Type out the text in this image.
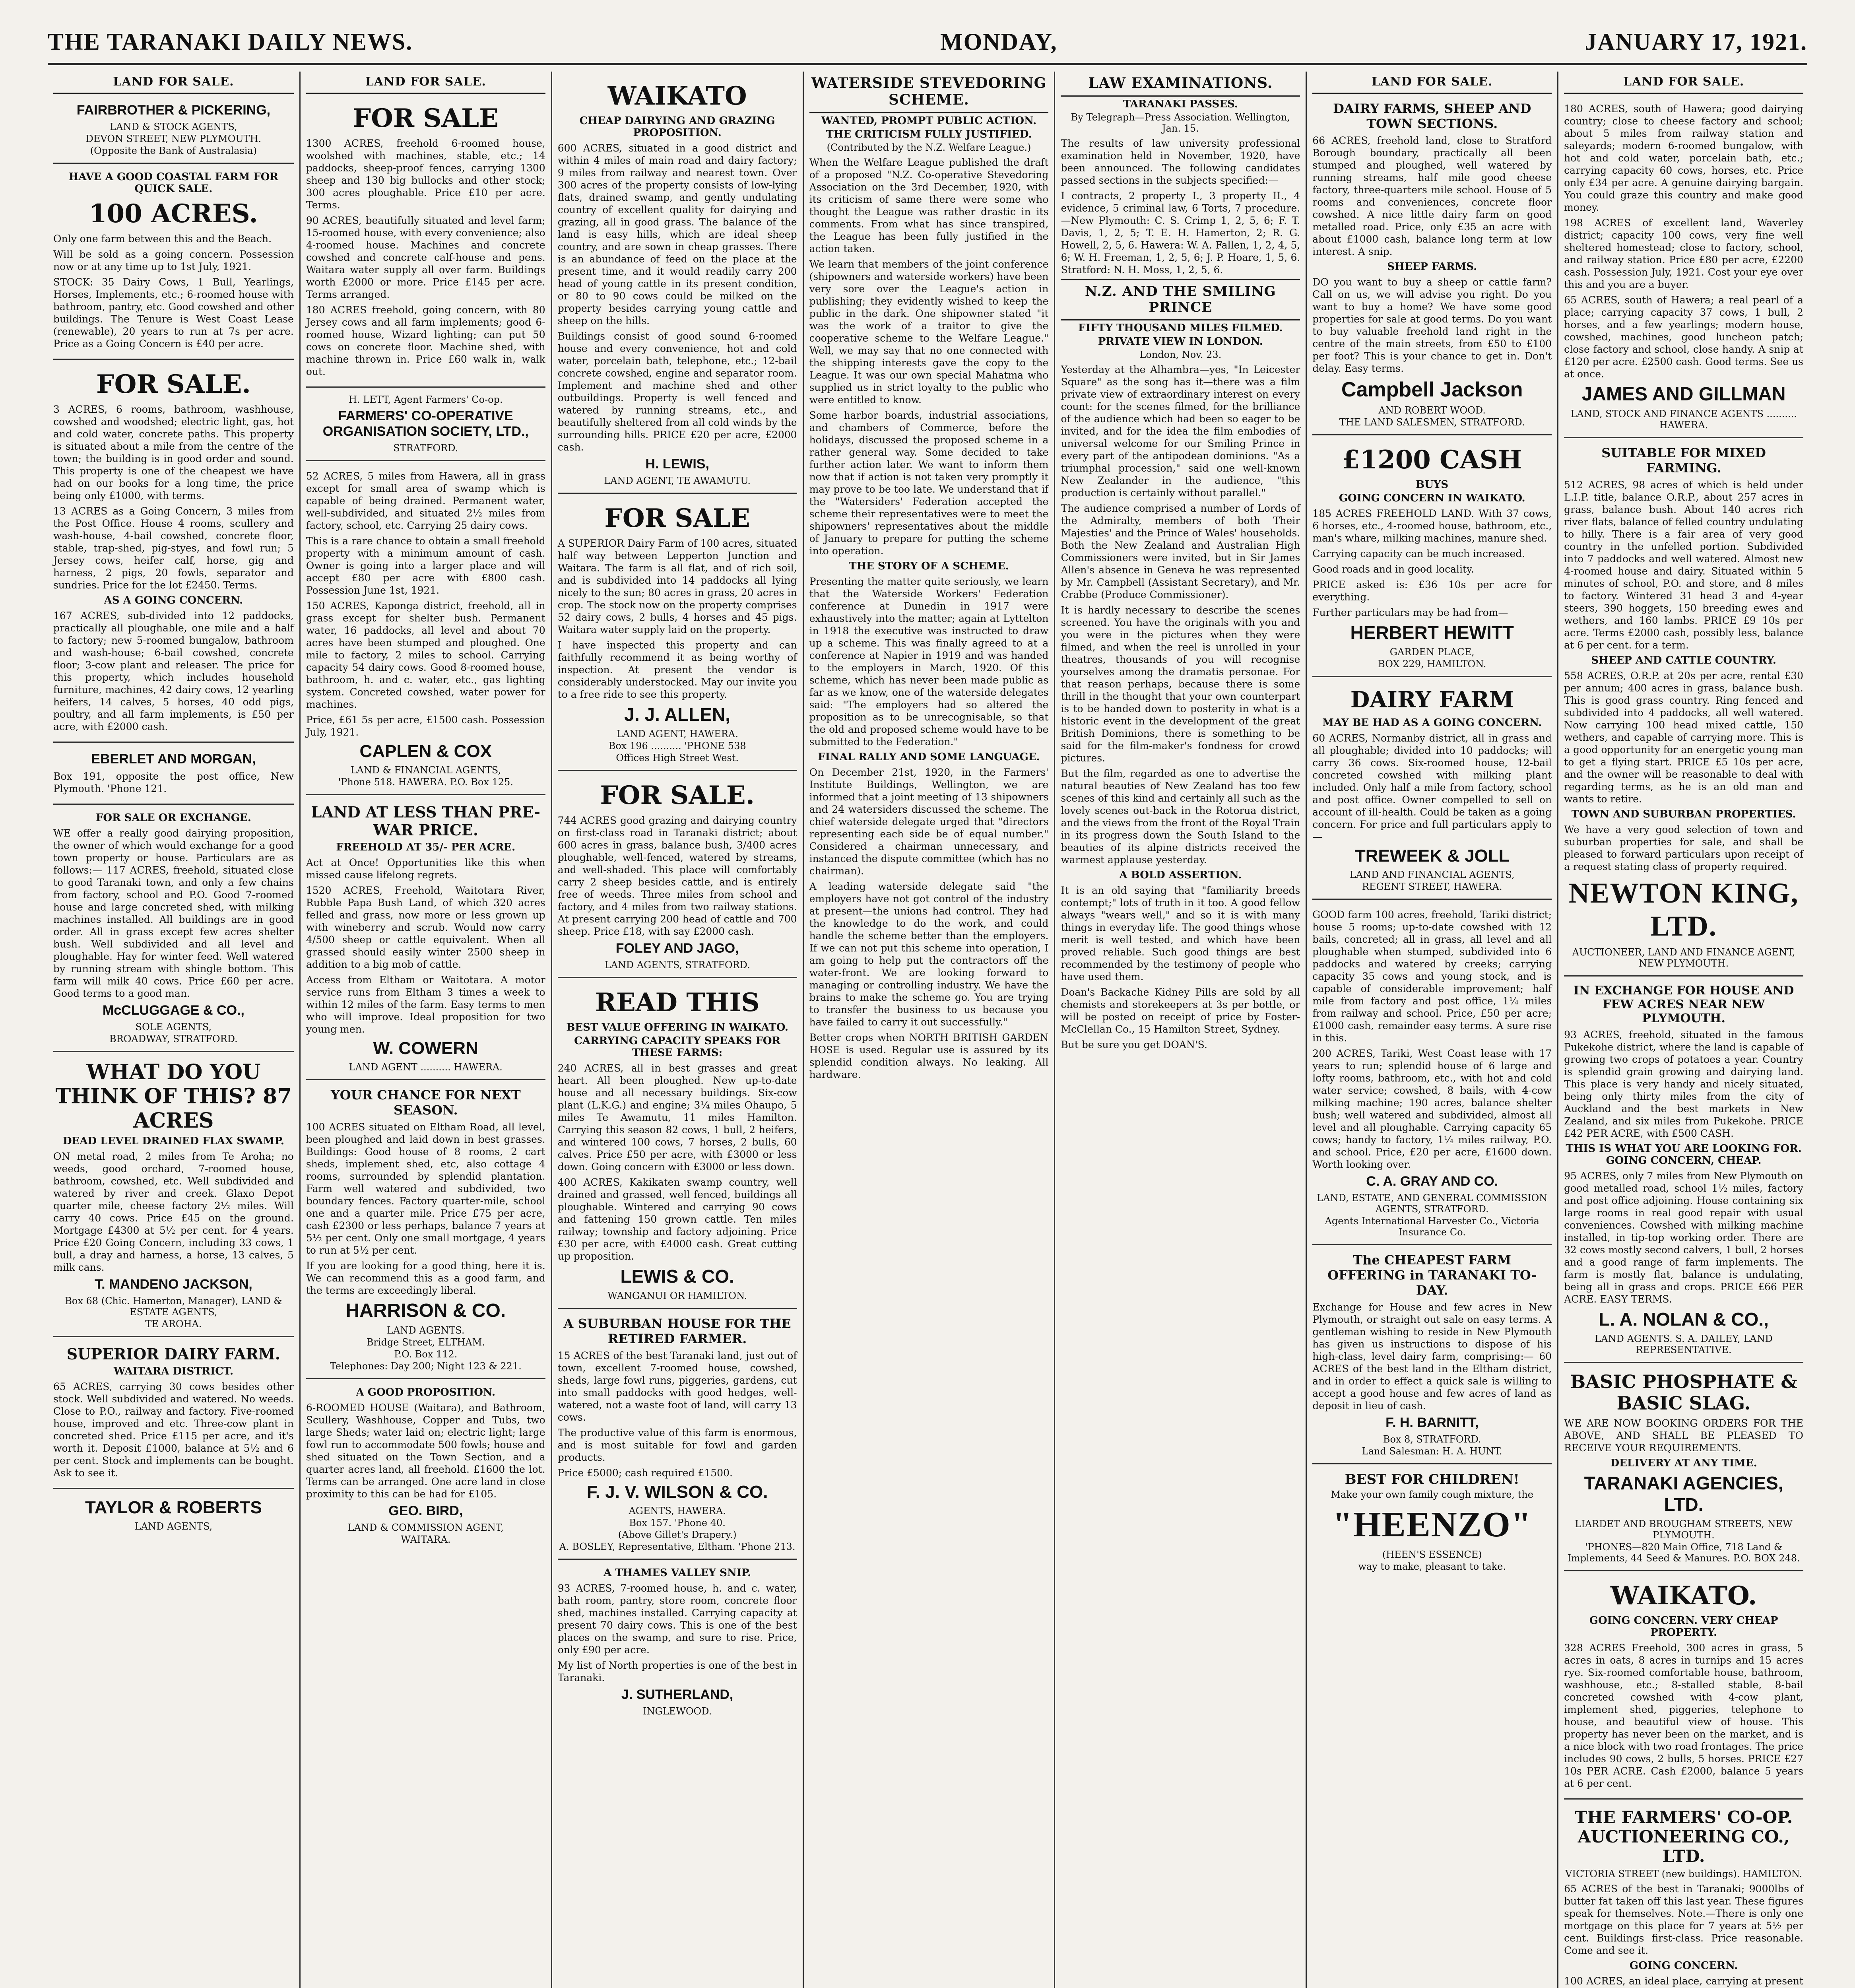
THE TARANAKI DAILY NEWS.	MONDAY,	JANUARY 17, 1921.
LAND FOR SALE.
FAIRBROTHER & PICKERING,
LAND & STOCK AGENTS,
DEVON STREET, NEW PLYMOUTH.
(Opposite the Bank of Australasia)
HAVE A GOOD COASTAL FARM FOR QUICK SALE.
100 ACRES.

Only one farm between this and the Beach.

Will be sold as a going concern. Possession now or at any time up to 1st July, 1921.

STOCK: 35 Dairy Cows, 1 Bull, Yearlings, Horses, Implements, etc.; 6-roomed house with bathroom, pantry, etc. Good cowshed and other buildings. The Tenure is West Coast Lease (renewable), 20 years to run at 7s per acre. Price as a Going Concern is £40 per acre.

FOR SALE.

3 ACRES, 6 rooms, bathroom, washhouse, cowshed and woodshed; electric light, gas, hot and cold water, concrete paths. This property is situated about a mile from the centre of the town; the building is in good order and sound. This property is one of the cheapest we have had on our books for a long time, the price being only £1000, with terms.

13 ACRES as a Going Concern, 3 miles from the Post Office. House 4 rooms, scullery and wash-house, 4-bail cowshed, concrete floor, stable, trap-shed, pig-styes, and fowl run; 5 Jersey cows, heifer calf, horse, gig and harness, 2 pigs, 20 fowls, separator and sundries. Price for the lot £2450. Terms.

AS A GOING CONCERN.

167 ACRES, sub-divided into 12 paddocks, practically all ploughable, one mile and a half to factory; new 5-roomed bungalow, bathroom and wash-house; 6-bail cowshed, concrete floor; 3-cow plant and releaser. The price for this property, which includes household furniture, machines, 42 dairy cows, 12 yearling heifers, 14 calves, 5 horses, 40 odd pigs, poultry, and all farm implements, is £50 per acre, with £2000 cash.

EBERLET AND MORGAN,

Box 191, opposite the post office, New Plymouth. 'Phone 121.

FOR SALE OR EXCHANGE.

WE offer a really good dairying proposition, the owner of which would exchange for a good town property or house. Particulars are as follows:— 117 ACRES, freehold, situated close to good Taranaki town, and only a few chains from factory, school and P.O. Good 7-roomed house and large concreted shed, with milking machines installed. All buildings are in good order. All in grass except few acres shelter bush. Well subdivided and all level and ploughable. Hay for winter feed. Well watered by running stream with shingle bottom. This farm will milk 40 cows. Price £60 per acre. Good terms to a good man.

McCLUGGAGE & CO.,
SOLE AGENTS,
BROADWAY, STRATFORD.
WHAT DO YOU THINK OF THIS? 87 ACRES
DEAD LEVEL DRAINED FLAX SWAMP.

ON metal road, 2 miles from Te Aroha; no weeds, good orchard, 7-roomed house, bathroom, cowshed, etc. Well subdivided and watered by river and creek. Glaxo Depot quarter mile, cheese factory 2½ miles. Will carry 40 cows. Price £45 on the ground. Mortgage £4300 at 5½ per cent. for 4 years. Price £20 Going Concern, including 33 cows, 1 bull, a dray and harness, a horse, 13 calves, 5 milk cans.

T. MANDENO JACKSON,
Box 68 (Chic. Hamerton, Manager), LAND & ESTATE AGENTS,
TE AROHA.
SUPERIOR DAIRY FARM.
WAITARA DISTRICT.

65 ACRES, carrying 30 cows besides other stock. Well subdivided and watered. No weeds. Close to P.O., railway and factory. Five-roomed house, improved and etc. Three-cow plant in concreted shed. Price £115 per acre, and it's worth it. Deposit £1000, balance at 5½ and 6 per cent. Stock and implements can be bought. Ask to see it.

TAYLOR & ROBERTS
LAND AGENTS,
LAND FOR SALE.
FOR SALE

1300 ACRES, freehold 6-roomed house, woolshed with machines, stable, etc.; 14 paddocks, sheep-proof fences, carrying 1300 sheep and 130 big bullocks and other stock; 300 acres ploughable. Price £10 per acre. Terms.

90 ACRES, beautifully situated and level farm; 15-roomed house, with every convenience; also 4-roomed house. Machines and concrete cowshed and concrete calf-house and pens. Waitara water supply all over farm. Buildings worth £2000 or more. Price £145 per acre. Terms arranged.

180 ACRES freehold, going concern, with 80 Jersey cows and all farm implements; good 6-roomed house, Wizard lighting; can put 50 cows on concrete floor. Machine shed, with machine thrown in. Price £60 walk in, walk out.

H. LETT, Agent Farmers' Co-op.
FARMERS' CO-OPERATIVE ORGANISATION SOCIETY, LTD.,
STRATFORD.

52 ACRES, 5 miles from Hawera, all in grass except for small area of swamp which is capable of being drained. Permanent water, well-subdivided, and situated 2½ miles from factory, school, etc. Carrying 25 dairy cows.

This is a rare chance to obtain a small freehold property with a minimum amount of cash. Owner is going into a larger place and will accept £80 per acre with £800 cash. Possession June 1st, 1921.

150 ACRES, Kaponga district, freehold, all in grass except for shelter bush. Permanent water, 16 paddocks, all level and about 70 acres have been stumped and ploughed. One mile to factory, 2 miles to school. Carrying capacity 54 dairy cows. Good 8-roomed house, bathroom, h. and c. water, etc., gas lighting system. Concreted cowshed, water power for machines.

Price, £61 5s per acre, £1500 cash. Possession July, 1921.

CAPLEN & COX
LAND & FINANCIAL AGENTS,
'Phone 518. HAWERA. P.O. Box 125.
LAND AT LESS THAN PRE-WAR PRICE.
FREEHOLD AT 35/- PER ACRE.

Act at Once! Opportunities like this when missed cause lifelong regrets.

1520 ACRES, Freehold, Waitotara River, Rubble Papa Bush Land, of which 320 acres felled and grass, now more or less grown up with wineberry and scrub. Would now carry 4/500 sheep or cattle equivalent. When all grassed should easily winter 2500 sheep in addition to a big mob of cattle.

Access from Eltham or Waitotara. A motor service runs from Eltham 3 times a week to within 12 miles of the farm. Easy terms to men who will improve. Ideal proposition for two young men.

W. COWERN
LAND AGENT .......... HAWERA.
YOUR CHANCE FOR NEXT SEASON.

100 ACRES situated on Eltham Road, all level, been ploughed and laid down in best grasses. Buildings: Good house of 8 rooms, 2 cart sheds, implement shed, etc, also cottage 4 rooms, surrounded by splendid plantation. Farm well watered and subdivided, two boundary fences. Factory quarter-mile, school one and a quarter mile. Price £75 per acre, cash £2300 or less perhaps, balance 7 years at 5½ per cent. Only one small mortgage, 4 years to run at 5½ per cent.

If you are looking for a good thing, here it is. We can recommend this as a good farm, and the terms are exceedingly liberal.

HARRISON & CO.
LAND AGENTS.
Bridge Street, ELTHAM.
P.O. Box 112.
Telephones: Day 200; Night 123 & 221.
A GOOD PROPOSITION.

6-ROOMED HOUSE (Waitara), and Bathroom, Scullery, Washhouse, Copper and Tubs, two large Sheds; water laid on; electric light; large fowl run to accommodate 500 fowls; house and shed situated on the Town Section, and a quarter acres land, all freehold. £1600 the lot. Terms can be arranged. One acre land in close proximity to this can be had for £105.

GEO. BIRD,
LAND & COMMISSION AGENT,
WAITARA.
WAIKATO
CHEAP DAIRYING AND GRAZING PROPOSITION.

600 ACRES, situated in a good district and within 4 miles of main road and dairy factory; 9 miles from railway and nearest town. Over 300 acres of the property consists of low-lying flats, drained swamp, and gently undulating country of excellent quality for dairying and grazing, all in good grass. The balance of the land is easy hills, which are ideal sheep country, and are sown in cheap grasses. There is an abundance of feed on the place at the present time, and it would readily carry 200 head of young cattle in its present condition, or 80 to 90 cows could be milked on the property besides carrying young cattle and sheep on the hills.

Buildings consist of good sound 6-roomed house and every convenience, hot and cold water, porcelain bath, telephone, etc.; 12-bail concrete cowshed, engine and separator room. Implement and machine shed and other outbuildings. Property is well fenced and watered by running streams, etc., and beautifully sheltered from all cold winds by the surrounding hills. PRICE £20 per acre, £2000 cash.

H. LEWIS,
LAND AGENT, TE AWAMUTU.
FOR SALE

A SUPERIOR Dairy Farm of 100 acres, situated half way between Lepperton Junction and Waitara. The farm is all flat, and of rich soil, and is subdivided into 14 paddocks all lying nicely to the sun; 80 acres in grass, 20 acres in crop. The stock now on the property comprises 52 dairy cows, 2 bulls, 4 horses and 45 pigs. Waitara water supply laid on the property.

I have inspected this property and can faithfully recommend it as being worthy of inspection. At present the vendor is considerably understocked. May our invite you to a free ride to see this property.

J. J. ALLEN,
LAND AGENT, HAWERA.
Box 196 .......... 'PHONE 538
Offices High Street West.
FOR SALE.

744 ACRES good grazing and dairying country on first-class road in Taranaki district; about 600 acres in grass, balance bush, 3/400 acres ploughable, well-fenced, watered by streams, and well-shaded. This place will comfortably carry 2 sheep besides cattle, and is entirely free of weeds. Three miles from school and factory, and 4 miles from two railway stations. At present carrying 200 head of cattle and 700 sheep. Price £18, with say £2000 cash.

FOLEY AND JAGO,
LAND AGENTS, STRATFORD.
READ THIS
BEST VALUE OFFERING IN WAIKATO.
CARRYING CAPACITY SPEAKS FOR THESE FARMS:

240 ACRES, all in best grasses and great heart. All been ploughed. New up-to-date house and all necessary buildings. Six-cow plant (L.K.G.) and engine; 3¼ miles Ohaupo, 5 miles Te Awamutu, 11 miles Hamilton. Carrying this season 82 cows, 1 bull, 2 heifers, and wintered 100 cows, 7 horses, 2 bulls, 60 calves. Price £50 per acre, with £3000 or less down. Going concern with £3000 or less down.

400 ACRES, Kakikaten swamp country, well drained and grassed, well fenced, buildings all ploughable. Wintered and carrying 90 cows and fattening 150 grown cattle. Ten miles railway; township and factory adjoining. Price £30 per acre, with £4000 cash. Great cutting up proposition.

LEWIS & CO.
WANGANUI OR HAMILTON.
A SUBURBAN HOUSE FOR THE RETIRED FARMER.

15 ACRES of the best Taranaki land, just out of town, excellent 7-roomed house, cowshed, sheds, large fowl runs, piggeries, gardens, cut into small paddocks with good hedges, well-watered, not a waste foot of land, will carry 13 cows.

The productive value of this farm is enormous, and is most suitable for fowl and garden products.

Price £5000; cash required £1500.

F. J. V. WILSON & CO.
AGENTS, HAWERA.
Box 157. 'Phone 40.
(Above Gillet's Drapery.)
A. BOSLEY, Representative, Eltham. 'Phone 213.
A THAMES VALLEY SNIP.

93 ACRES, 7-roomed house, h. and c. water, bath room, pantry, store room, concrete floor shed, machines installed. Carrying capacity at present 70 dairy cows. This is one of the best places on the swamp, and sure to rise. Price, only £90 per acre.

My list of North properties is one of the best in Taranaki.

J. SUTHERLAND,
INGLEWOOD.
WATERSIDE STEVEDORING SCHEME.
WANTED, PROMPT PUBLIC ACTION.
THE CRITICISM FULLY JUSTIFIED.
(Contributed by the N.Z. Welfare League.)

When the Welfare League published the draft of a proposed "N.Z. Co-operative Stevedoring Association on the 3rd December, 1920, with its criticism of same there were some who thought the League was rather drastic in its comments. From what has since transpired, the League has been fully justified in the action taken.

We learn that members of the joint conference (shipowners and waterside workers) have been very sore over the League's action in publishing; they evidently wished to keep the public in the dark. One shipowner stated "it was the work of a traitor to give the cooperative scheme to the Welfare League." Well, we may say that no one connected with the shipping interests gave the copy to the League. It was our own special Mahatma who supplied us in strict loyalty to the public who were entitled to know.

Some harbor boards, industrial associations, and chambers of Commerce, before the holidays, discussed the proposed scheme in a rather general way. Some decided to take further action later. We want to inform them now that if action is not taken very promptly it may prove to be too late. We understand that if the "Watersiders' Federation accepted the scheme their representatives were to meet the shipowners' representatives about the middle of January to prepare for putting the scheme into operation.

THE STORY OF A SCHEME.

Presenting the matter quite seriously, we learn that the Waterside Workers' Federation conference at Dunedin in 1917 were exhaustively into the matter; again at Lyttelton in 1918 the executive was instructed to draw up a scheme. This was finally agreed to at a conference at Napier in 1919 and was handed to the employers in March, 1920. Of this scheme, which has never been made public as far as we know, one of the waterside delegates said: "The employers had so altered the proposition as to be unrecognisable, so that the old and proposed scheme would have to be submitted to the Federation."

FINAL RALLY AND SOME LANGUAGE.

On December 21st, 1920, in the Farmers' Institute Buildings, Wellington, we are informed that a joint meeting of 13 shipowners and 24 watersiders discussed the scheme. The chief waterside delegate urged that "directors representing each side be of equal number." Considered a chairman unnecessary, and instanced the dispute committee (which has no chairman).

A leading waterside delegate said "the employers have not got control of the industry at present—the unions had control. They had the knowledge to do the work, and could handle the scheme better than the employers. If we can not put this scheme into operation, I am going to help put the contractors off the water-front. We are looking forward to managing or controlling industry. We have the brains to make the scheme go. You are trying to transfer the business to us because you have failed to carry it out successfully."

Better crops when NORTH BRITISH GARDEN HOSE is used. Regular use is assured by its splendid condition always. No leaking. All hardware.

LAW EXAMINATIONS.
TARANAKI PASSES.
By Telegraph—Press Association. Wellington, Jan. 15.

The results of law university professional examination held in November, 1920, have been announced. The following candidates passed sections in the subjects specified:—

I contracts, 2 property I., 3 property II., 4 evidence, 5 criminal law, 6 Torts, 7 procedure.—New Plymouth: C. S. Crimp 1, 2, 5, 6; F. T. Davis, 1, 2, 5; T. E. H. Hamerton, 2; R. G. Howell, 2, 5, 6. Hawera: W. A. Fallen, 1, 2, 4, 5, 6; W. H. Freeman, 1, 2, 5, 6; J. P. Hoare, 1, 5, 6. Stratford: N. H. Moss, 1, 2, 5, 6.

N.Z. AND THE SMILING PRINCE
FIFTY THOUSAND MILES FILMED.
PRIVATE VIEW IN LONDON.
London, Nov. 23.

Yesterday at the Alhambra—yes, "In Leicester Square" as the song has it—there was a film private view of extraordinary interest on every count: for the scenes filmed, for the brilliance of the audience which had been so eager to be invited, and for the idea the film embodies of universal welcome for our Smiling Prince in every part of the antipodean dominions. "As a triumphal procession," said one well-known New Zealander in the audience, "this production is certainly without parallel."

The audience comprised a number of Lords of the Admiralty, members of both Their Majesties' and the Prince of Wales' households. Both the New Zealand and Australian High Commissioners were invited, but in Sir James Allen's absence in Geneva he was represented by Mr. Campbell (Assistant Secretary), and Mr. Crabbe (Produce Commissioner).

It is hardly necessary to describe the scenes screened. You have the originals with you and you were in the pictures when they were filmed, and when the reel is unrolled in your theatres, thousands of you will recognise yourselves among the dramatis personae. For that reason perhaps, because there is some thrill in the thought that your own counterpart is to be handed down to posterity in what is a historic event in the development of the great British Dominions, there is something to be said for the film-maker's fondness for crowd pictures.

But the film, regarded as one to advertise the natural beauties of New Zealand has too few scenes of this kind and certainly all such as the lovely scenes out-back in the Rotorua district, and the views from the front of the Royal Train in its progress down the South Island to the beauties of its alpine districts received the warmest applause yesterday.

A BOLD ASSERTION.

It is an old saying that "familiarity breeds contempt;" lots of truth in it too. A good fellow always "wears well," and so it is with many things in everyday life. The good things whose merit is well tested, and which have been proved reliable. Such good things are best recommended by the testimony of people who have used them.

Doan's Backache Kidney Pills are sold by all chemists and storekeepers at 3s per bottle, or will be posted on receipt of price by Foster-McClellan Co., 15 Hamilton Street, Sydney.

But be sure you get DOAN'S.

LAND FOR SALE.
DAIRY FARMS, SHEEP AND TOWN SECTIONS.

66 ACRES, freehold land, close to Stratford Borough boundary, practically all been stumped and ploughed, well watered by running streams, half mile good cheese factory, three-quarters mile school. House of 5 rooms and conveniences, concrete floor cowshed. A nice little dairy farm on good metalled road. Price, only £35 an acre with about £1000 cash, balance long term at low interest. A snip.

SHEEP FARMS.

DO you want to buy a sheep or cattle farm? Call on us, we will advise you right. Do you want to buy a home? We have some good properties for sale at good terms. Do you want to buy valuable freehold land right in the centre of the main streets, from £50 to £100 per foot? This is your chance to get in. Don't delay. Easy terms.

Campbell Jackson
AND ROBERT WOOD.
THE LAND SALESMEN, STRATFORD.
£1200 CASH
BUYS
GOING CONCERN IN WAIKATO.

185 ACRES FREEHOLD LAND. With 37 cows, 6 horses, etc., 4-roomed house, bathroom, etc., man's whare, milking machines, manure shed.

Carrying capacity can be much increased.

Good roads and in good locality.

PRICE asked is: £36 10s per acre for everything.

Further particulars may be had from—

HERBERT HEWITT
GARDEN PLACE,
BOX 229, HAMILTON.
DAIRY FARM
MAY BE HAD AS A GOING CONCERN.

60 ACRES, Normanby district, all in grass and all ploughable; divided into 10 paddocks; will carry 36 cows. Six-roomed house, 12-bail concreted cowshed with milking plant included. Only half a mile from factory, school and post office. Owner compelled to sell on account of ill-health. Could be taken as a going concern. For price and full particulars apply to—

TREWEEK & JOLL
LAND AND FINANCIAL AGENTS,
REGENT STREET, HAWERA.

GOOD farm 100 acres, freehold, Tariki district; house 5 rooms; up-to-date cowshed with 12 bails, concreted; all in grass, all level and all ploughable when stumped, subdivided into 6 paddocks and watered by creeks; carrying capacity 35 cows and young stock, and is capable of considerable improvement; half mile from factory and post office, 1¼ miles from railway and school. Price, £50 per acre; £1000 cash, remainder easy terms. A sure rise in this.

200 ACRES, Tariki, West Coast lease with 17 years to run; splendid house of 6 large and lofty rooms, bathroom, etc., with hot and cold water service; cowshed, 8 bails, with 4-cow milking machine; 190 acres, balance shelter bush; well watered and subdivided, almost all level and all ploughable. Carrying capacity 65 cows; handy to factory, 1¼ miles railway, P.O. and school. Price, £20 per acre, £1600 down. Worth looking over.

C. A. GRAY AND CO.
LAND, ESTATE, AND GENERAL COMMISSION AGENTS, STRATFORD.
Agents International Harvester Co., Victoria Insurance Co.
The CHEAPEST FARM OFFERING in TARANAKI TO-DAY.

Exchange for House and few acres in New Plymouth, or straight out sale on easy terms. A gentleman wishing to reside in New Plymouth has given us instructions to dispose of his high-class, level dairy farm, comprising:— 60 ACRES of the best land in the Eltham district, and in order to effect a quick sale is willing to accept a good house and few acres of land as deposit in lieu of cash.

F. H. BARNITT,
Box 8, STRATFORD.
Land Salesman: H. A. HUNT.
BEST FOR CHILDREN!
Make your own family cough mixture, the
"HEENZO"
(HEEN'S ESSENCE)
way to make, pleasant to take.
LAND FOR SALE.

180 ACRES, south of Hawera; good dairying country; close to cheese factory and school; about 5 miles from railway station and saleyards; modern 6-roomed bungalow, with hot and cold water, porcelain bath, etc.; carrying capacity 60 cows, horses, etc. Price only £34 per acre. A genuine dairying bargain. You could graze this country and make good money.

198 ACRES of excellent land, Waverley district; capacity 100 cows, very fine well sheltered homestead; close to factory, school, and railway station. Price £80 per acre, £2200 cash. Possession July, 1921. Cost your eye over this and you are a buyer.

65 ACRES, south of Hawera; a real pearl of a place; carrying capacity 37 cows, 1 bull, 2 horses, and a few yearlings; modern house, cowshed, machines, good luncheon patch; close factory and school, close handy. A snip at £120 per acre. £2500 cash. Good terms. See us at once.

JAMES AND GILLMAN
LAND, STOCK AND FINANCE AGENTS .......... HAWERA.
SUITABLE FOR MIXED FARMING.

512 ACRES, 98 acres of which is held under L.I.P. title, balance O.R.P., about 257 acres in grass, balance bush. About 140 acres rich river flats, balance of felled country undulating to hilly. There is a fair area of very good country in the unfelled portion. Subdivided into 7 paddocks and well watered. Almost new 4-roomed house and dairy. Situated within 5 minutes of school, P.O. and store, and 8 miles to factory. Wintered 31 head 3 and 4-year steers, 390 hoggets, 150 breeding ewes and wethers, and 160 lambs. PRICE £9 10s per acre. Terms £2000 cash, possibly less, balance at 6 per cent. for a term.

SHEEP AND CATTLE COUNTRY.

558 ACRES, O.R.P. at 20s per acre, rental £30 per annum; 400 acres in grass, balance bush. This is good grass country. Ring fenced and subdivided into 4 paddocks, all well watered. Now carrying 100 head mixed cattle, 150 wethers, and capable of carrying more. This is a good opportunity for an energetic young man to get a flying start. PRICE £5 10s per acre, and the owner will be reasonable to deal with regarding terms, as he is an old man and wants to retire.

TOWN AND SUBURBAN PROPERTIES.

We have a very good selection of town and suburban properties for sale, and shall be pleased to forward particulars upon receipt of a request stating class of property required.

NEWTON KING, LTD.
AUCTIONEER, LAND AND FINANCE AGENT, NEW PLYMOUTH.
IN EXCHANGE FOR HOUSE AND FEW ACRES NEAR NEW PLYMOUTH.

93 ACRES, freehold, situated in the famous Pukekohe district, where the land is capable of growing two crops of potatoes a year. Country is splendid grain growing and dairying land. This place is very handy and nicely situated, being only thirty miles from the city of Auckland and the best markets in New Zealand, and six miles from Pukekohe. PRICE £42 PER ACRE, with £500 CASH.

THIS IS WHAT YOU ARE LOOKING FOR. GOING CONCERN, CHEAP.

95 ACRES, only 7 miles from New Plymouth on good metalled road, school 1½ miles, factory and post office adjoining. House containing six large rooms in real good repair with usual conveniences. Cowshed with milking machine installed, in tip-top working order. There are 32 cows mostly second calvers, 1 bull, 2 horses and a good range of farm implements. The farm is mostly flat, balance is undulating, being all in grass and crops. PRICE £66 PER ACRE. EASY TERMS.

L. A. NOLAN & CO.,
LAND AGENTS. S. A. DAILEY, LAND REPRESENTATIVE.
BASIC PHOSPHATE & BASIC SLAG.

WE ARE NOW BOOKING ORDERS FOR THE ABOVE, AND SHALL BE PLEASED TO RECEIVE YOUR REQUIREMENTS.

DELIVERY AT ANY TIME.
TARANAKI AGENCIES, LTD.
LIARDET AND BROUGHAM STREETS, NEW PLYMOUTH.
'PHONES—820 Main Office, 718 Land & Implements, 44 Seed & Manures. P.O. BOX 248.
WAIKATO.
GOING CONCERN. VERY CHEAP PROPERTY.

328 ACRES Freehold, 300 acres in grass, 5 acres in oats, 8 acres in turnips and 15 acres rye. Six-roomed comfortable house, bathroom, washhouse, etc.; 8-stalled stable, 8-bail concreted cowshed with 4-cow plant, implement shed, piggeries, telephone to house, and beautiful view of house. This property has never been on the market, and is a nice block with two road frontages. The price includes 90 cows, 2 bulls, 5 horses. PRICE £27 10s PER ACRE. Cash £2000, balance 5 years at 6 per cent.

THE FARMERS' CO-OP. AUCTIONEERING CO., LTD.
VICTORIA STREET (new buildings). HAMILTON.

65 ACRES of the best in Taranaki; 9000lbs of butter fat taken off this last year. These figures speak for themselves. Note.—There is only one mortgage on this place for 7 years at 5½ per cent. Buildings first-class. Price reasonable. Come and see it.

GOING CONCERN.

100 ACRES, an ideal place, carrying at present
